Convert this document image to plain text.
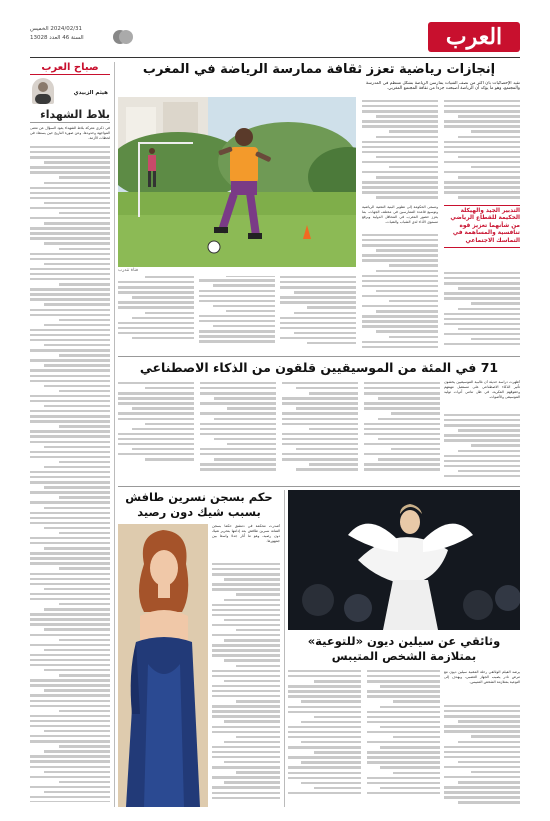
العرب
2024/02/31 الخميس
السنة 46 العدد 13028
صباح العرب
هيثم الزبيدي
بلاط الشهداء
في ذكرى معركة بلاط الشهداء يعود السؤال عن معنى المواجهة وحدودها، وعن صورة التاريخ حين يستعاد في لحظات الأزمة.
إنجازات رياضية تعزز ثقافة ممارسة الرياضة في المغرب
تقيد الإحصائيات بأن أكثر من نصف الفتيات يمارسن الرياضة بشكل منتظم في المدرسة والمجتمع، وهو ما يؤكد أن الرياضة أصبحت جزءا من ثقافة المجتمع المغربي.
فتاة تتدرب
التدبير الجيد والهيكلة الحكيمة للقطاع الرياضي من شأنهما تعزيز قوة تنافسية والمساهمة في التماسك الاجتماعي
وتسعى الحكومة إلى تطوير البنية التحتية الرياضية وتوسيع قاعدة الممارسين في مختلف الجهات، بما يعزز حضور المغرب في المحافل الدولية ويرفع مستوى الأداء لدى الشباب والفتيات.
71 في المئة من الموسيقيين قلقون من الذكاء الاصطناعي
أظهرت دراسة حديثة أن غالبية الموسيقيين يخشون تأثير الذكاء الاصطناعي على مستقبل مهنتهم وحقوقهم الفكرية، في ظل تنامي أدوات توليد الموسيقى والأصوات.
حكم بسجن نسرين طافش بسبب شيك دون رصيد
أصدرت محكمة في دمشق حكما بسجن الفنانة نسرين طافش بعد إدانتها بتحرير شيك دون رصيد، وهو ما أثار جدلا واسعا بين جمهورها.
وثائقي عن سيلين ديون «للتوعية» بمتلازمة الشخص المتيبس
يرصد الفيلم الوثائقي رحلة المغنية سيلين ديون مع مرض نادر يصيب الجهاز العصبي، ويهدف إلى التوعية بمتلازمة الشخص المتيبس.
